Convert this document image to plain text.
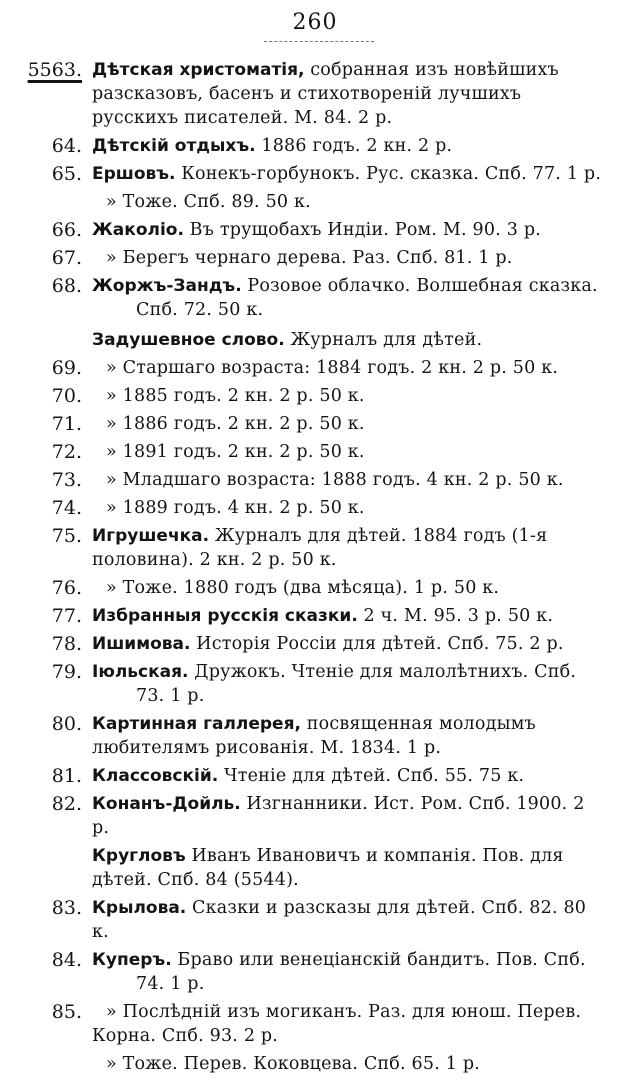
260
5563. Дѣтская христоматія, собранная изъ новѣйшихъ разсказовъ, басенъ и стихотвореній лучшихъ русскихъ писателей. М. 84. 2 р.
64. Дѣтскій отдыхъ. 1886 годъ. 2 кн. 2 р.
65. Ершовъ. Конекъ-горбунокъ. Рус. сказка. Спб. 77. 1 р.
» Тоже. Спб. 89. 50 к.
66. Жаколіо. Въ трущобахъ Индіи. Ром. М. 90. 3 р.
67.	» Берегъ чернаго дерева. Раз. Спб. 81. 1 р.
68. Жоржъ-Зандъ. Розовое облачко. Волшебная сказка.
Спб. 72. 50 к.
Задушевное слово. Журналъ для дѣтей.
69.	» Старшаго возраста: 1884 годъ. 2 кн. 2 р. 50 к.
70.	» 1885 годъ. 2 кн. 2 р. 50 к.
71.	» 1886 годъ. 2 кн. 2 р. 50 к.
72.	» 1891 годъ. 2 кн. 2 р. 50 к.
73.	» Младшаго возраста: 1888 годъ. 4 кн. 2 р. 50 к.
74.	» 1889 годъ. 4 кн. 2 р. 50 к.
75. Игрушечка. Журналъ для дѣтей. 1884 годъ (1-я половина). 2 кн. 2 р. 50 к.
76.	» Тоже. 1880 годъ (два мѣсяца). 1 р. 50 к.
77. Избранныя русскія сказки. 2 ч. М. 95. 3 р. 50 к.
78. Ишимова. Исторія Россіи для дѣтей. Спб. 75. 2 р.
79. Іюльская. Дружокъ. Чтеніе для малолѣтнихъ. Спб.
73. 1 р.
80. Картинная галлерея, посвященная молодымъ любителямъ рисованія. М. 1834. 1 р.
81. Классовскій. Чтеніе для дѣтей. Спб. 55. 75 к.
82. Конанъ-Дойль. Изгнанники. Ист. Ром. Спб. 1900. 2 р.
Кругловъ Иванъ Ивановичъ и компанія. Пов. для дѣтей. Спб. 84 (5544).
83. Крылова. Сказки и разсказы для дѣтей. Спб. 82. 80 к.
84. Куперъ. Браво или венеціанскій бандитъ. Пов. Спб.
74. 1 р.
85.	» Послѣдній изъ могиканъ. Раз. для юнош. Перев. Корна. Спб. 93. 2 р.
» Тоже. Перев. Коковцева. Спб. 65. 1 р.
